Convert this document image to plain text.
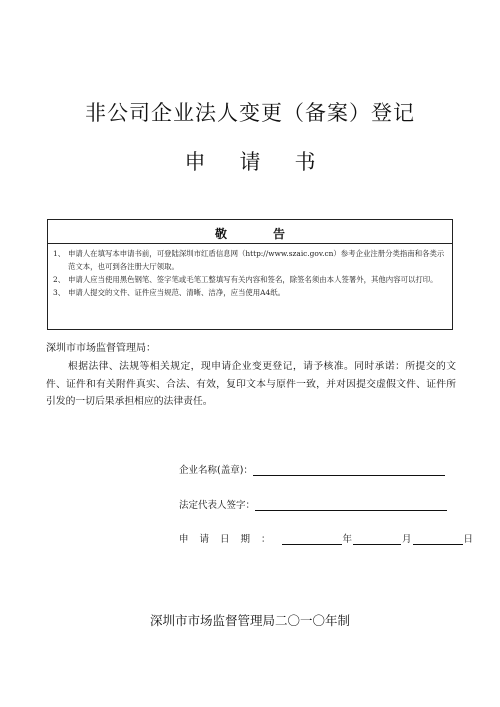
非公司企业法人变更（备案）登记
申请书
敬告
1、 申请人在填写本申请书前，可登陆深圳市红盾信息网（http://www.szaic.gov.cn）参考企业注册分类指南和各类示范文本，也可到各注册大厅领取。
2、 申请人应当使用黑色钢笔、签字笔或毛笔工整填写有关内容和签名，除签名须由本人签署外，其他内容可以打印。
3、 申请人提交的文件、证件应当规范、清晰、洁净，应当使用A4纸。
深圳市市场监督管理局：
根据法律、法规等相关规定，现申请企业变更登记，请予核准。同时承诺：所提交的文件、证件和有关附件真实、合法、有效，复印文本与原件一致，并对因提交虚假文件、证件所引发的一切后果承担相应的法律责任。
企业名称(盖章)：
法定代表人签字：
申请日期：	年	月	日
深圳市市场监督管理局二〇一〇年制
